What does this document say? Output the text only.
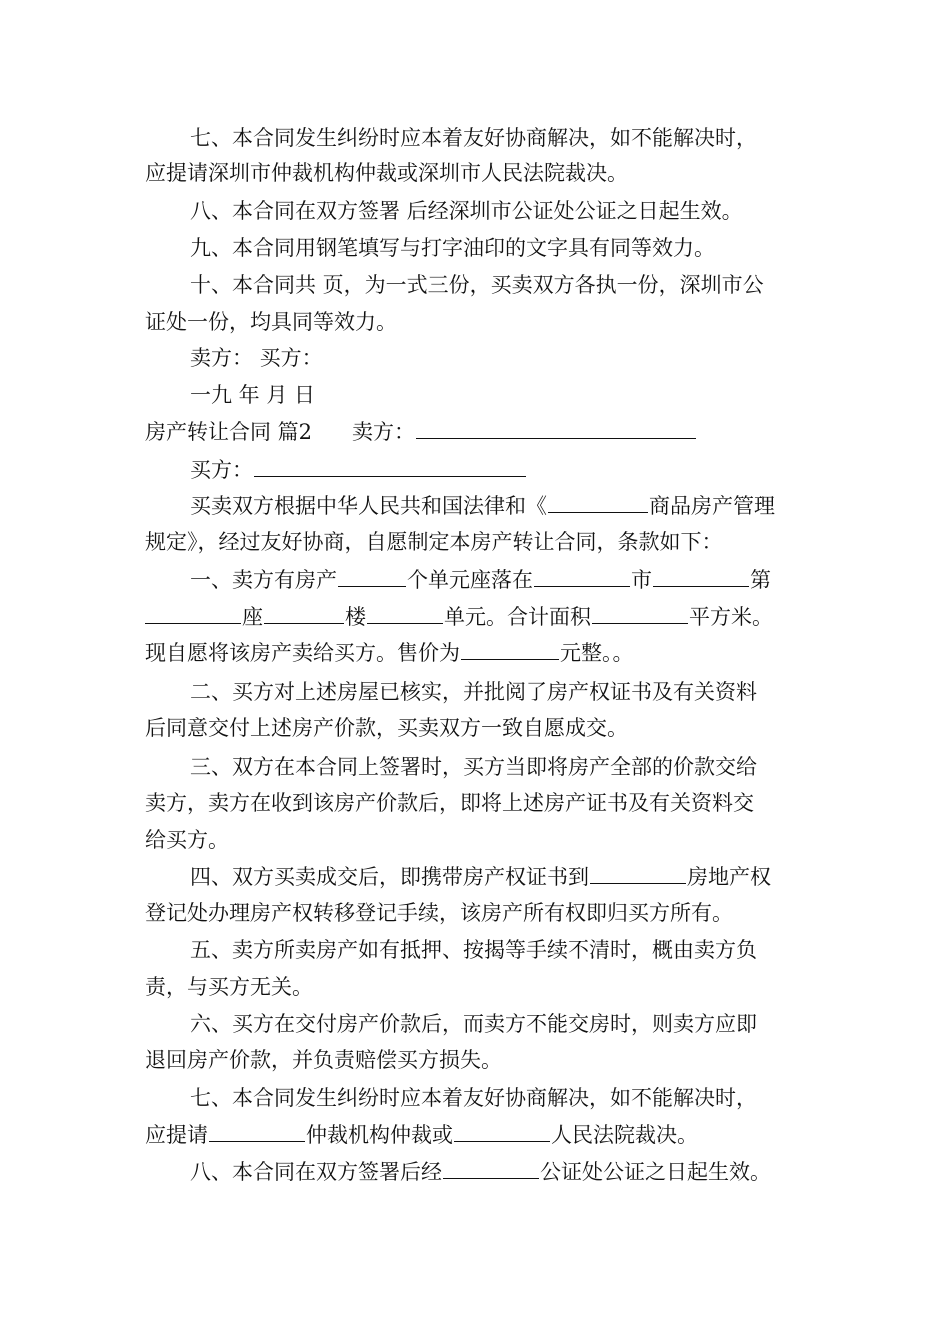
七、本合同发生纠纷时应本着友好协商解决，如不能解决时，
应提请深圳市仲裁机构仲裁或深圳市人民法院裁决。
八、本合同在双方签署 后经深圳市公证处公证之日起生效。
九、本合同用钢笔填写与打字油印的文字具有同等效力。
十、本合同共 页，为一式三份，买卖双方各执一份，深圳市公
证处一份，均具同等效力。
卖方： 买方：
一九 年 月 日
房产转让合同 篇2 卖方：
买方：
买卖双方根据中华人民共和国法律和《	商品房产管理
规定》，经过友好协商，自愿制定本房产转让合同，条款如下：
一、卖方有房产	个单元座落在	市	第
座	楼	单元。合计面积	平方米。
现自愿将该房产卖给买方。售价为	元整。。
二、买方对上述房屋已核实，并批阅了房产权证书及有关资料
后同意交付上述房产价款，买卖双方一致自愿成交。
三、双方在本合同上签署时，买方当即将房产全部的价款交给
卖方，卖方在收到该房产价款后，即将上述房产证书及有关资料交
给买方。
四、双方买卖成交后，即携带房产权证书到	房地产权
登记处办理房产权转移登记手续，该房产所有权即归买方所有。
五、卖方所卖房产如有抵押、按揭等手续不清时，概由卖方负
责，与买方无关。
六、买方在交付房产价款后，而卖方不能交房时，则卖方应即
退回房产价款，并负责赔偿买方损失。
七、本合同发生纠纷时应本着友好协商解决，如不能解决时，
应提请	仲裁机构仲裁或	人民法院裁决。
八、本合同在双方签署后经	公证处公证之日起生效。
